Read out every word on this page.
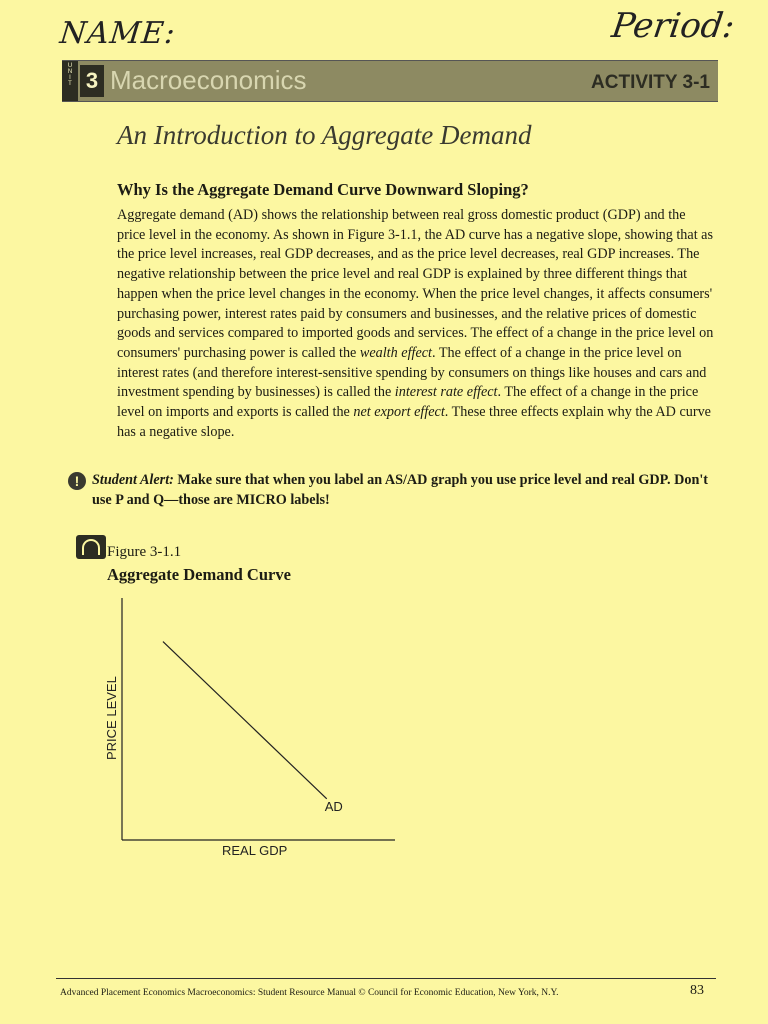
NAME:	Period:
UNIT 3 Macroeconomics	ACTIVITY 3-1
An Introduction to Aggregate Demand
Why Is the Aggregate Demand Curve Downward Sloping?
Aggregate demand (AD) shows the relationship between real gross domestic product (GDP) and the price level in the economy. As shown in Figure 3-1.1, the AD curve has a negative slope, showing that as the price level increases, real GDP decreases, and as the price level decreases, real GDP increases. The negative relationship between the price level and real GDP is explained by three different things that happen when the price level changes in the economy. When the price level changes, it affects consumers' purchasing power, interest rates paid by consumers and businesses, and the relative prices of domestic goods and services compared to imported goods and services. The effect of a change in the price level on consumers' purchasing power is called the wealth effect. The effect of a change in the price level on interest rates (and therefore interest-sensitive spending by consumers on things like houses and cars and investment spending by businesses) is called the interest rate effect. The effect of a change in the price level on imports and exports is called the net export effect. These three effects explain why the AD curve has a negative slope.
! Student Alert: Make sure that when you label an AS/AD graph you use price level and real GDP. Don't use P and Q—those are MICRO labels!
Figure 3-1.1
Aggregate Demand Curve
PRICE LEVEL
REAL GDP
AD
Advanced Placement Economics Macroeconomics: Student Resource Manual © Council for Economic Education, New York, N.Y.	83
